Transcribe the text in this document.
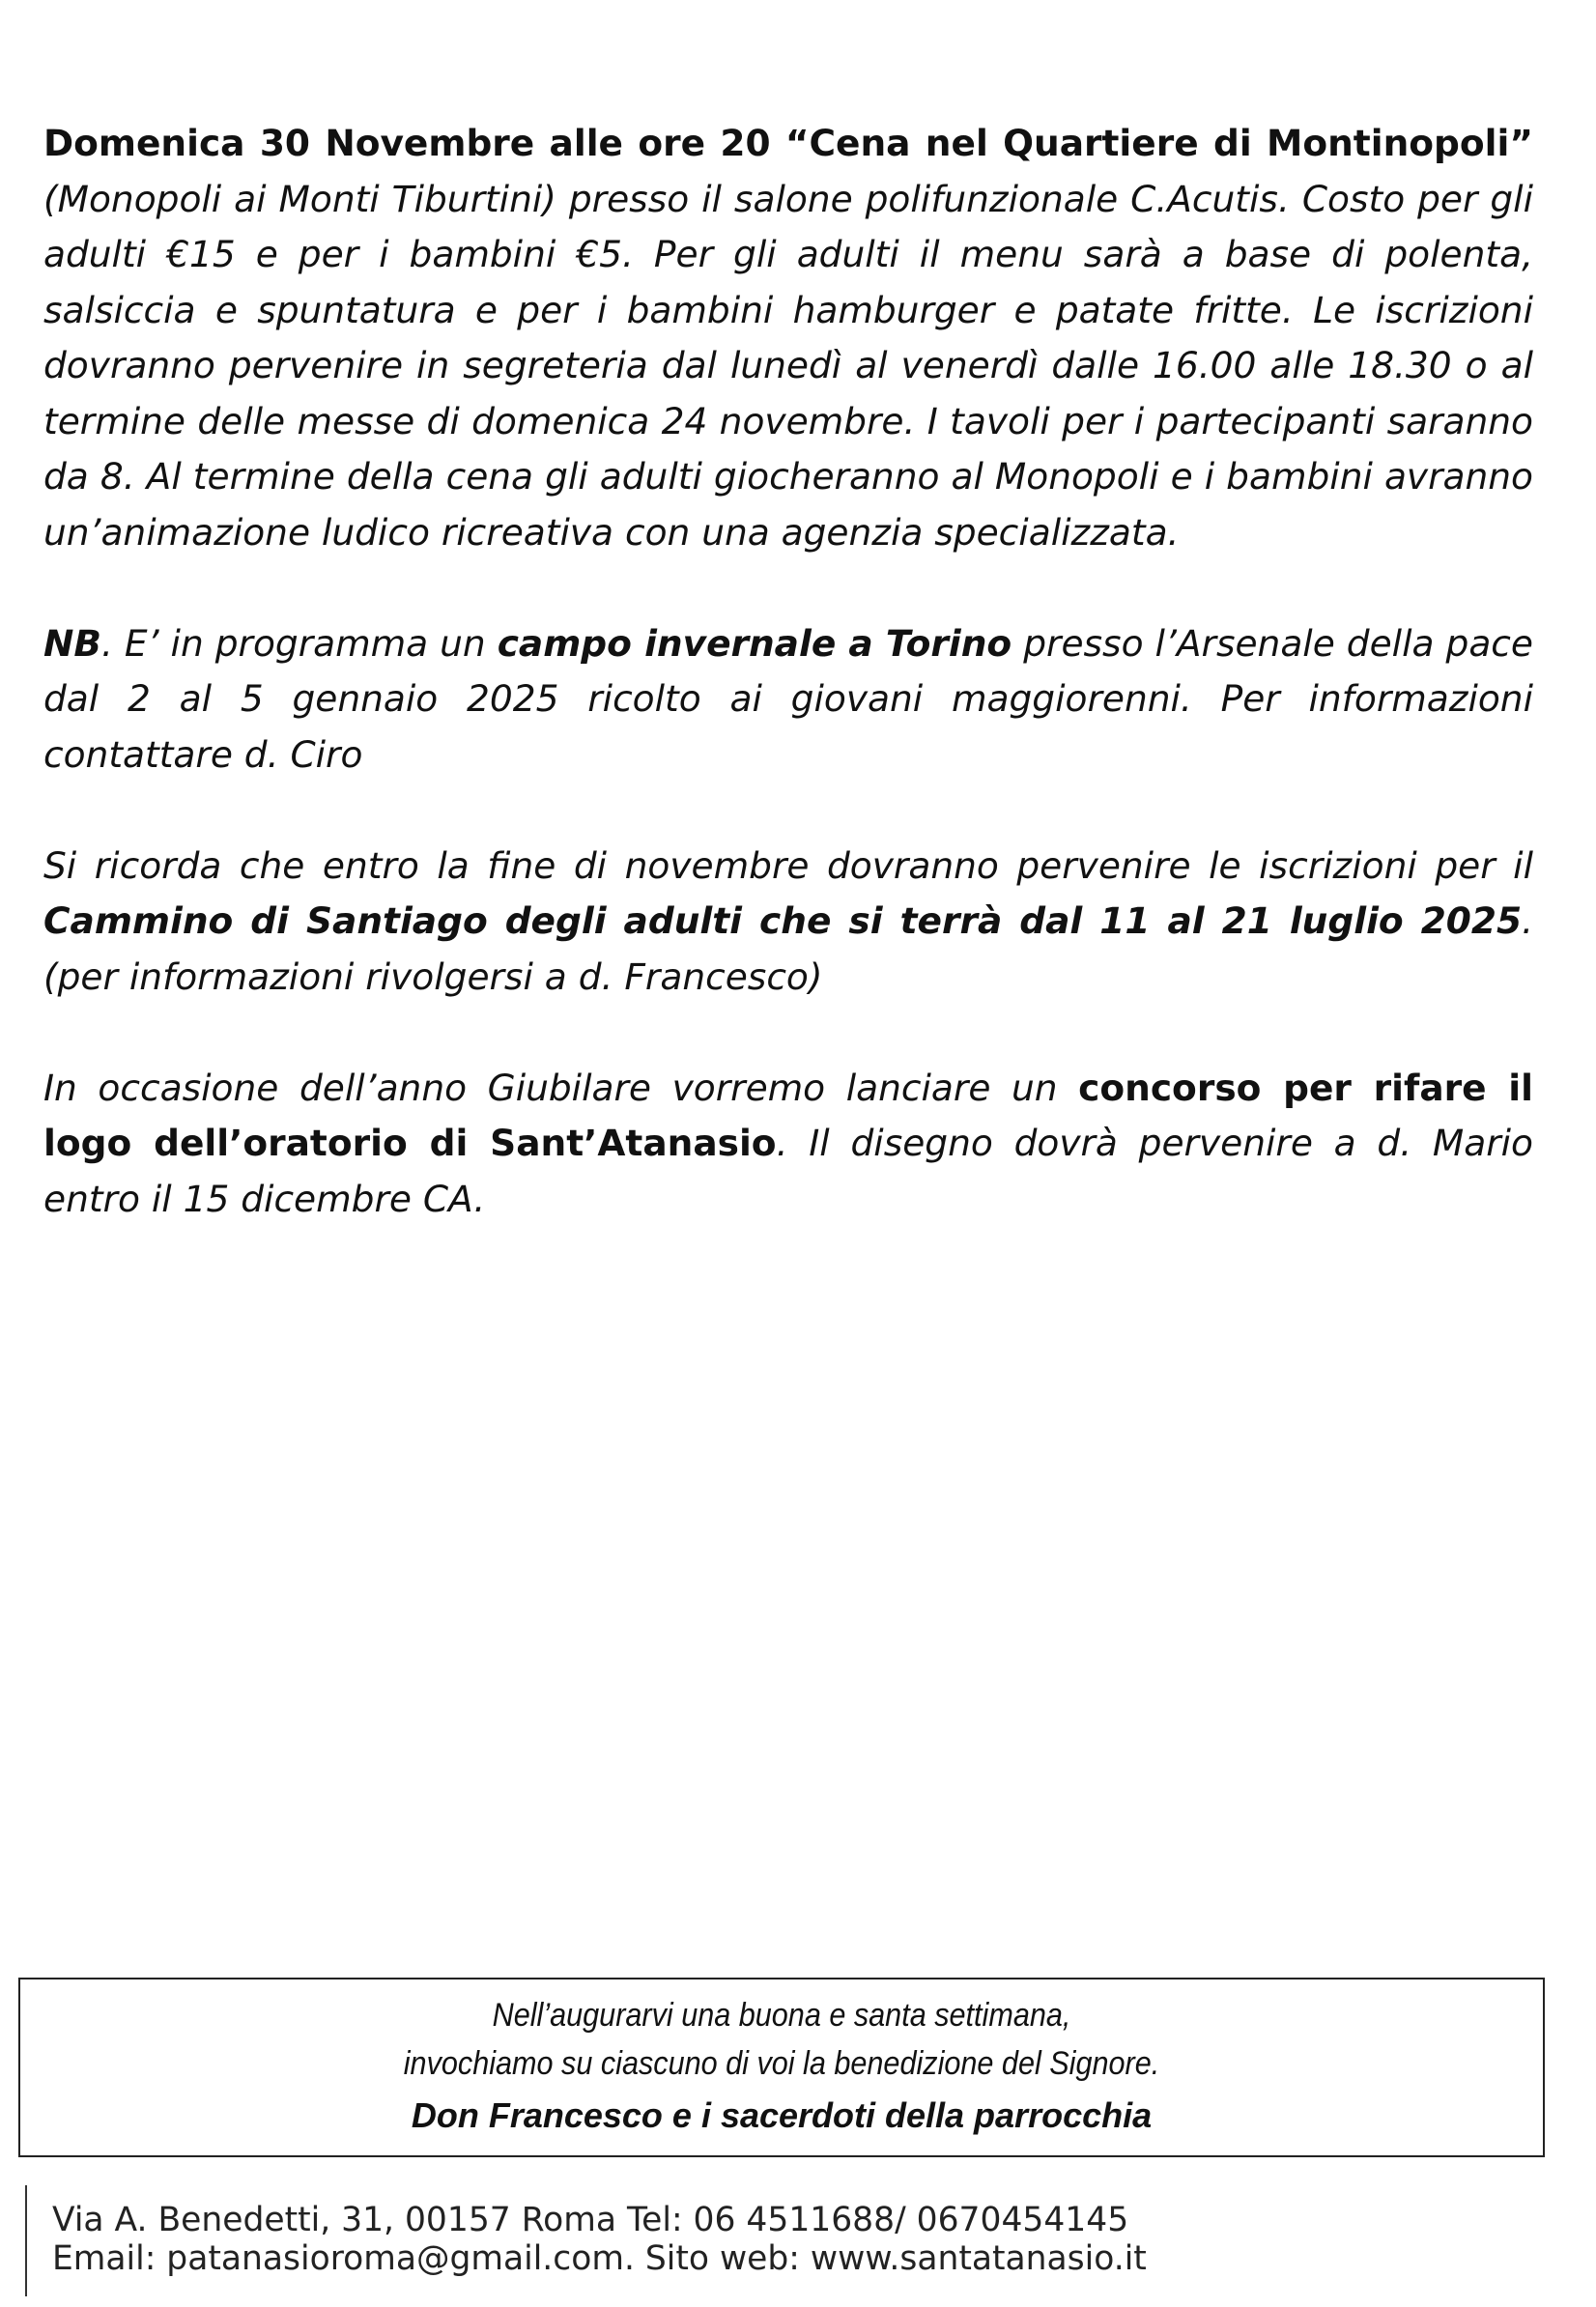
Domenica 30 Novembre alle ore 20 “Cena nel Quartiere di Montinopoli” (Monopoli ai Monti Tiburtini) presso il salone polifunzionale C.Acutis. Costo per gli adulti €15 e per i bambini €5. Per gli adulti il menu sarà a base di polenta, salsiccia e spuntatura e per i bambini hamburger e patate fritte. Le iscrizioni dovranno pervenire in segreteria dal lunedì al venerdì dalle 16.00 alle 18.30 o al termine delle messe di domenica 24 novembre. I tavoli per i partecipanti saranno da 8. Al termine della cena gli adulti giocheranno al Monopoli e i bambini avranno un’animazione ludico ricreativa con una agenzia specializzata.

NB. E’ in programma un campo invernale a Torino presso l’Arsenale della pace dal 2 al 5 gennaio 2025 ricolto ai giovani maggiorenni. Per informazioni contattare d. Ciro

Si ricorda che entro la fine di novembre dovranno pervenire le iscrizioni per il Cammino di Santiago degli adulti che si terrà dal 11 al 21 luglio 2025. (per informazioni rivolgersi a d. Francesco)

In occasione dell’anno Giubilare vorremo lanciare un concorso per rifare il logo dell’oratorio di Sant’Atanasio. Il disegno dovrà pervenire a d. Mario entro il 15 dicembre CA.

Nell’augurarvi una buona e santa settimana,
invochiamo su ciascuno di voi la benedizione del Signore.
Don Francesco e i sacerdoti della parrocchia
Via A. Benedetti, 31, 00157 Roma Tel: 06 4511688/ 0670454145
Email: patanasioroma@gmail.com. Sito web: www.santatanasio.it
